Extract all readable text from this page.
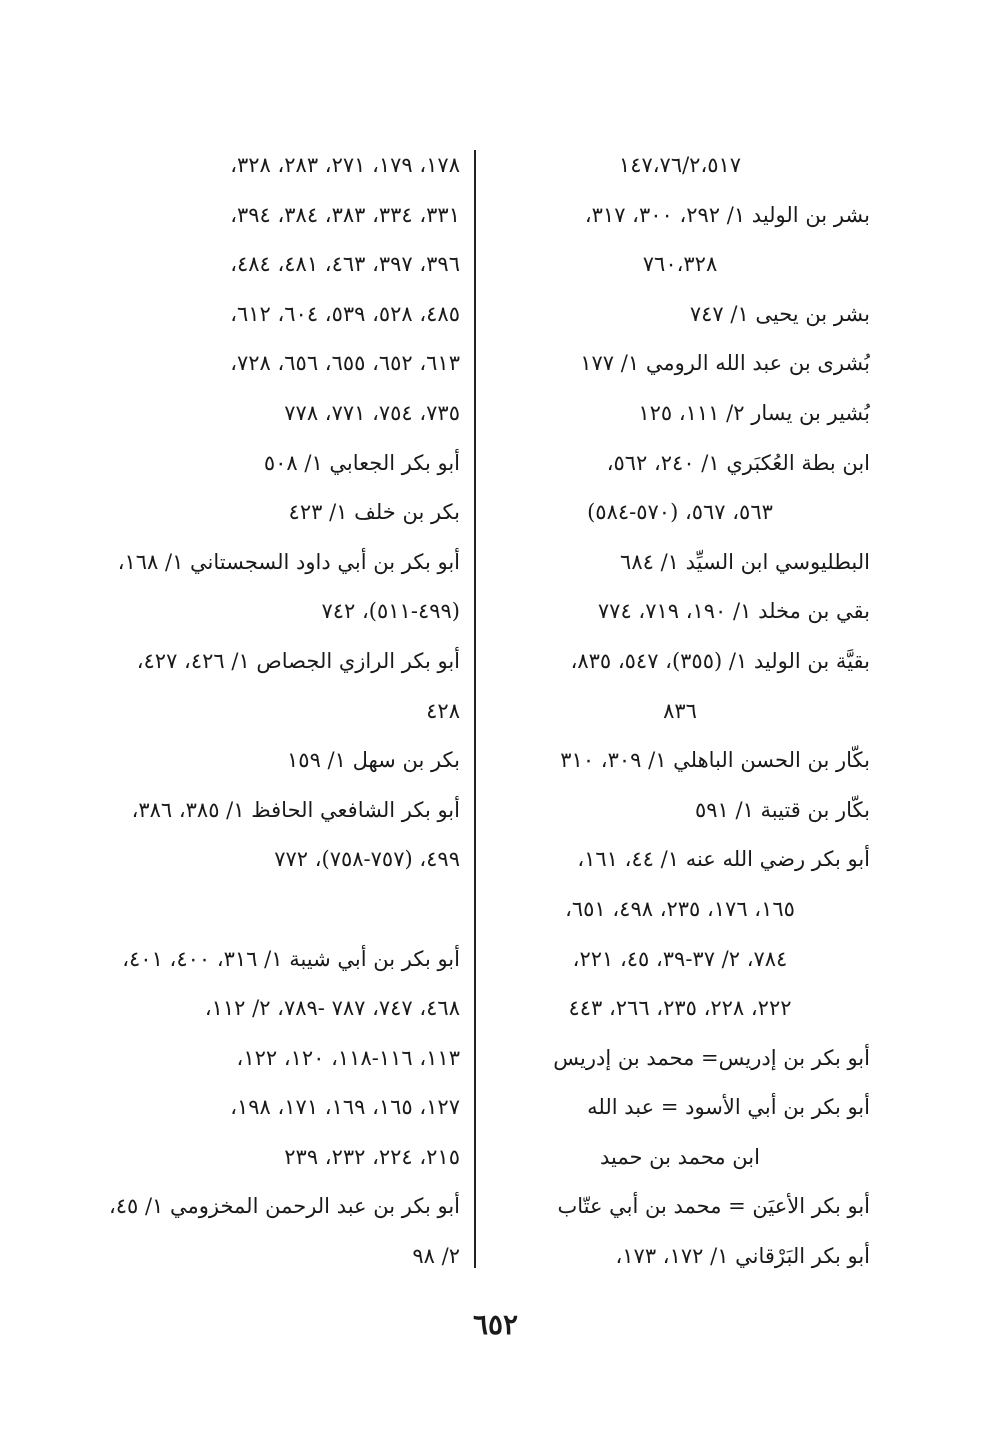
١٤٧،٧٦/٢،٥١٧
بشر بن الوليد ١/ ٢٩٢، ٣٠٠، ٣١٧،
٧٦٠،٣٢٨
بشر بن يحيى ١/ ٧٤٧
بُشرى بن عبد الله الرومي ١/ ١٧٧
بُشير بن يسار ٢/ ١١١، ١٢٥
ابن بطة العُكبَري ١/ ٢٤٠، ٥٦٢،
٥٦٣، ٥٦٧، (٥٧٠-٥٨٤)
البطليوسي ابن السيِّد ١/ ٦٨٤
بقي بن مخلد ١/ ١٩٠، ٧١٩، ٧٧٤
بقيَّة بن الوليد ١/ (٣٥٥)، ٥٤٧، ٨٣٥،
٨٣٦
بكّار بن الحسن الباهلي ١/ ٣٠٩، ٣١٠
بكّار بن قتيبة ١/ ٥٩١
أبو بكر رضي الله عنه ١/ ٤٤، ١٦١،
١٦٥، ١٧٦، ٢٣٥، ٤٩٨، ٦٥١،
٧٨٤، ٢/ ٣٧-٣٩، ٤٥، ٢٢١،
٢٢٢، ٢٢٨، ٢٣٥، ٢٦٦، ٤٤٣
أبو بكر بن إدريس= محمد بن إدريس
أبو بكر بن أبي الأسود = عبد الله
ابن محمد بن حميد
أبو بكر الأعيَن = محمد بن أبي عتّاب
أبو بكر البَرْقاني ١/ ١٧٢، ١٧٣،
١٧٨، ١٧٩، ٢٧١، ٢٨٣، ٣٢٨،
٣٣١، ٣٣٤، ٣٨٣، ٣٨٤، ٣٩٤،
٣٩٦، ٣٩٧، ٤٦٣، ٤٨١، ٤٨٤،
٤٨٥، ٥٢٨، ٥٣٩، ٦٠٤، ٦١٢،
٦١٣، ٦٥٢، ٦٥٥، ٦٥٦، ٧٢٨،
٧٣٥، ٧٥٤، ٧٧١، ٧٧٨
أبو بكر الجعابي ١/ ٥٠٨
بكر بن خلف ١/ ٤٢٣
أبو بكر بن أبي داود السجستاني ١/ ١٦٨،
(٤٩٩-٥١١)، ٧٤٢
أبو بكر الرازي الجصاص ١/ ٤٢٦، ٤٢٧،
٤٢٨
بكر بن سهل ١/ ١٥٩
أبو بكر الشافعي الحافظ ١/ ٣٨٥، ٣٨٦،
٤٩٩، (٧٥٧-٧٥٨)، ٧٧٢
أبو بكر بن أبي شيبة ١/ ٣١٦، ٤٠٠، ٤٠١،
٤٦٨، ٧٤٧، ٧٨٧ -٧٨٩، ٢/ ١١٢،
١١٣، ١١٦-١١٨، ١٢٠، ١٢٢،
١٢٧، ١٦٥، ١٦٩، ١٧١، ١٩٨،
٢١٥، ٢٢٤، ٢٣٢، ٢٣٩
أبو بكر بن عبد الرحمن المخزومي ١/ ٤٥،
٢/ ٩٨
٦٥٢
